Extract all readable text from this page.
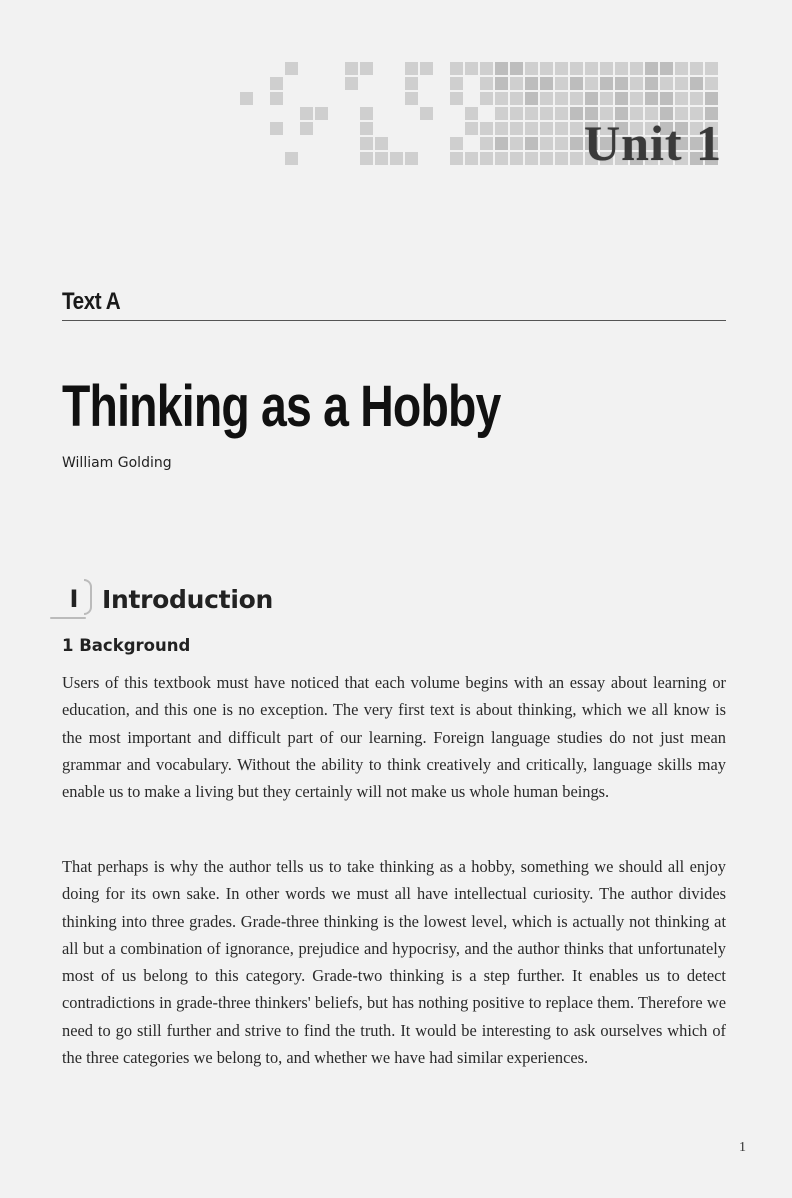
Unit 1
Text A
Thinking as a Hobby
William Golding
I Introduction
1 Background

Users of this textbook must have noticed that each volume begins with an essay about learning or education, and this one is no exception. The very first text is about thinking, which we all know is the most important and difficult part of our learning. Foreign language studies do not just mean grammar and vocabulary. Without the ability to think creatively and critically, language skills may enable us to make a living but they certainly will not make us whole human beings.

That perhaps is why the author tells us to take thinking as a hobby, something we should all enjoy doing for its own sake. In other words we must all have intellectual curiosity. The author divides thinking into three grades. Grade-three thinking is the lowest level, which is actually not thinking at all but a combination of ignorance, prejudice and hypocrisy, and the author thinks that unfortunately most of us belong to this category. Grade-two thinking is a step further. It enables us to detect contradictions in grade-three thinkers' beliefs, but has nothing positive to replace them. Therefore we need to go still further and strive to find the truth. It would be interesting to ask ourselves which of the three categories we belong to, and whether we have had similar experiences.

1
